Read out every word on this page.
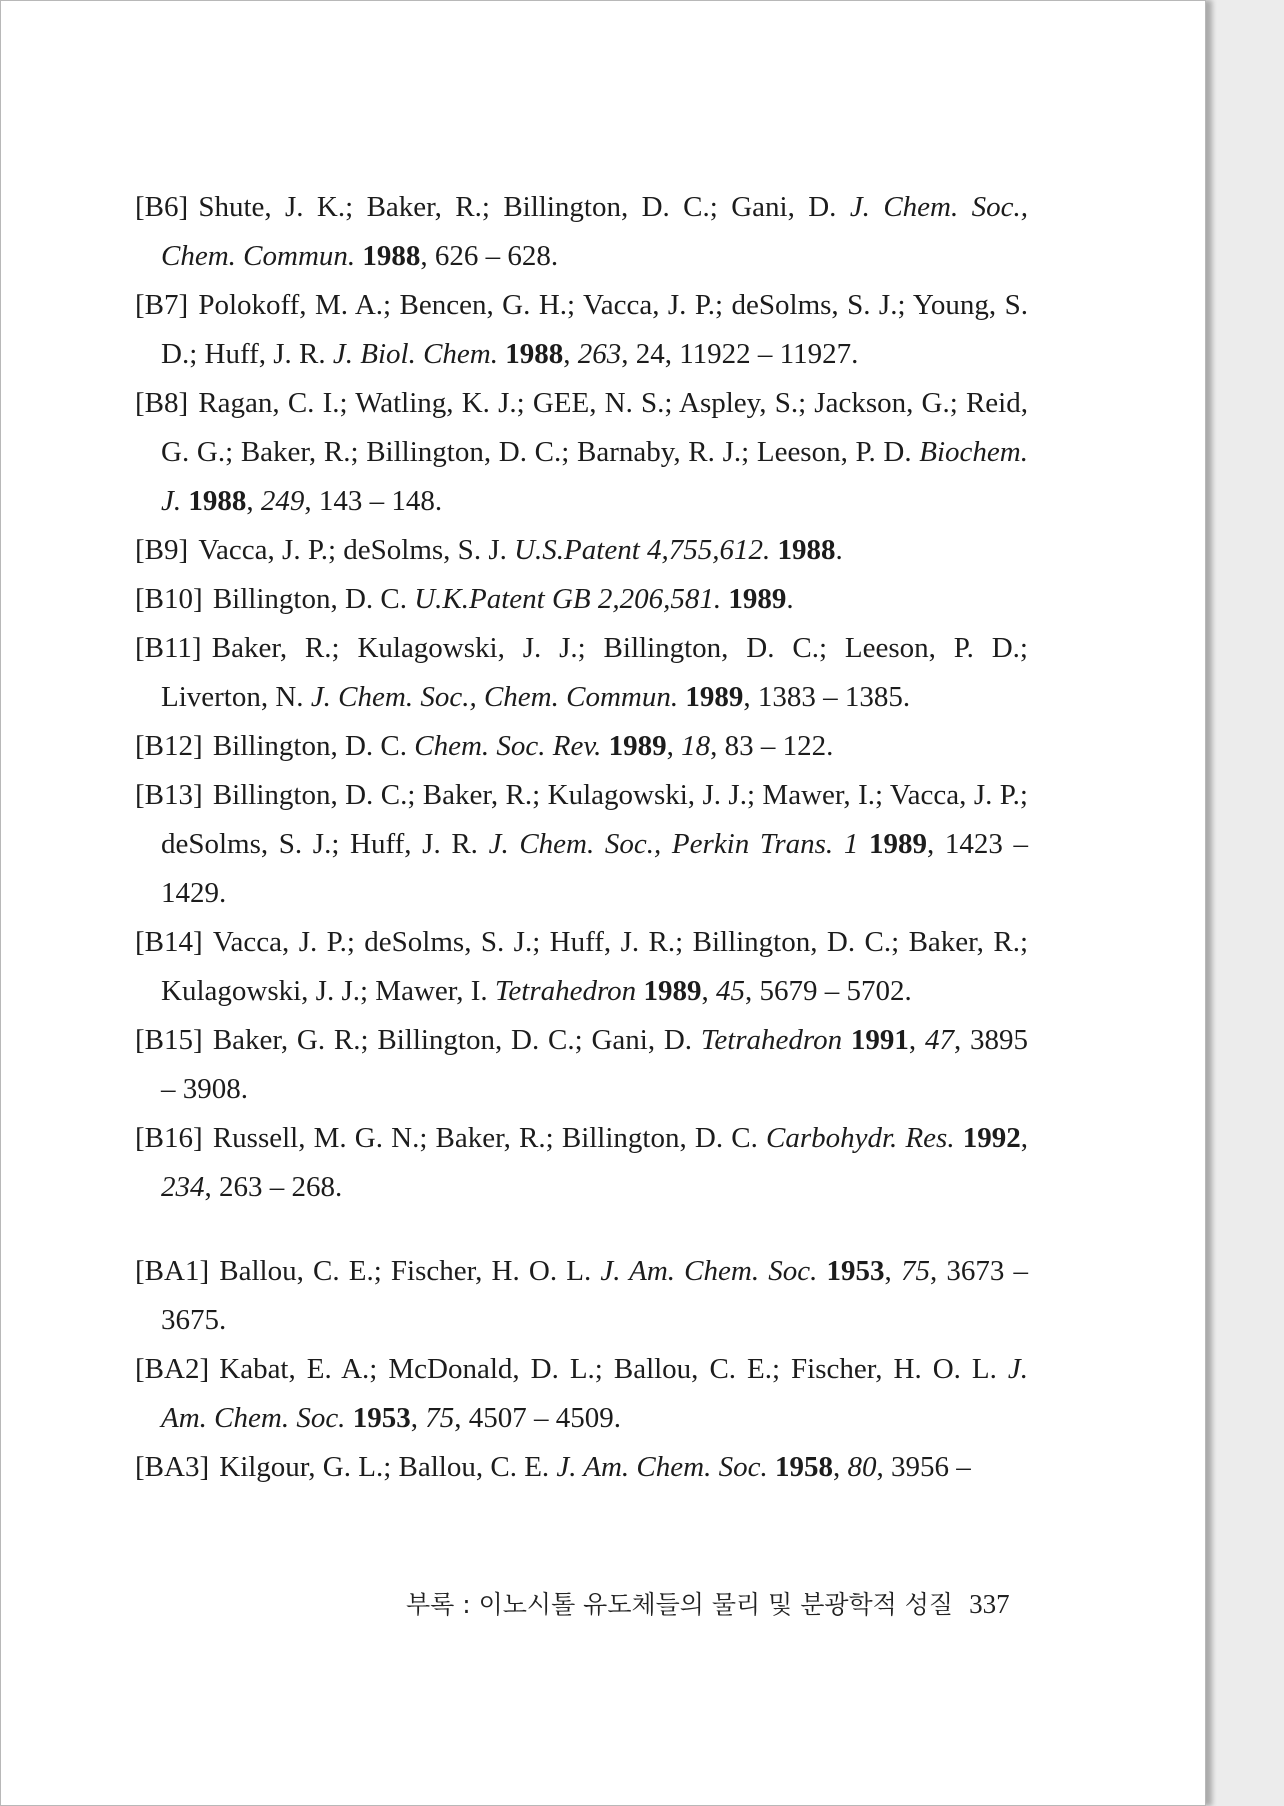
[B6] Shute, J. K.; Baker, R.; Billington, D. C.; Gani, D. J. Chem. Soc., Chem. Commun. 1988, 626 – 628.
[B7] Polokoff, M. A.; Bencen, G. H.; Vacca, J. P.; deSolms, S. J.; Young, S. D.; Huff, J. R. J. Biol. Chem. 1988, 263, 24, 11922 – 11927.
[B8] Ragan, C. I.; Watling, K. J.; GEE, N. S.; Aspley, S.; Jackson, G.; Reid, G. G.; Baker, R.; Billington, D. C.; Barnaby, R. J.; Leeson, P. D. Biochem. J. 1988, 249, 143 – 148.
[B9] Vacca, J. P.; deSolms, S. J. U.S.Patent 4,755,612. 1988.
[B10] Billington, D. C. U.K.Patent GB 2,206,581. 1989.
[B11] Baker, R.; Kulagowski, J. J.; Billington, D. C.; Leeson, P. D.; Liverton, N. J. Chem. Soc., Chem. Commun. 1989, 1383 – 1385.
[B12] Billington, D. C. Chem. Soc. Rev. 1989, 18, 83 – 122.
[B13] Billington, D. C.; Baker, R.; Kulagowski, J. J.; Mawer, I.; Vacca, J. P.; deSolms, S. J.; Huff, J. R. J. Chem. Soc., Perkin Trans. 1 1989, 1423 – 1429.
[B14] Vacca, J. P.; deSolms, S. J.; Huff, J. R.; Billington, D. C.; Baker, R.; Kulagowski, J. J.; Mawer, I. Tetrahedron 1989, 45, 5679 – 5702.
[B15] Baker, G. R.; Billington, D. C.; Gani, D. Tetrahedron 1991, 47, 3895 – 3908.
[B16] Russell, M. G. N.; Baker, R.; Billington, D. C. Carbohydr. Res. 1992, 234, 263 – 268.
[BA1] Ballou, C. E.; Fischer, H. O. L. J. Am. Chem. Soc. 1953, 75, 3673 – 3675.
[BA2] Kabat, E. A.; McDonald, D. L.; Ballou, C. E.; Fischer, H. O. L. J. Am. Chem. Soc. 1953, 75, 4507 – 4509.
[BA3] Kilgour, G. L.; Ballou, C. E. J. Am. Chem. Soc. 1958, 80, 3956 –
부록 : 이노시톨 유도체들의 물리 및 분광학적 성질 337
